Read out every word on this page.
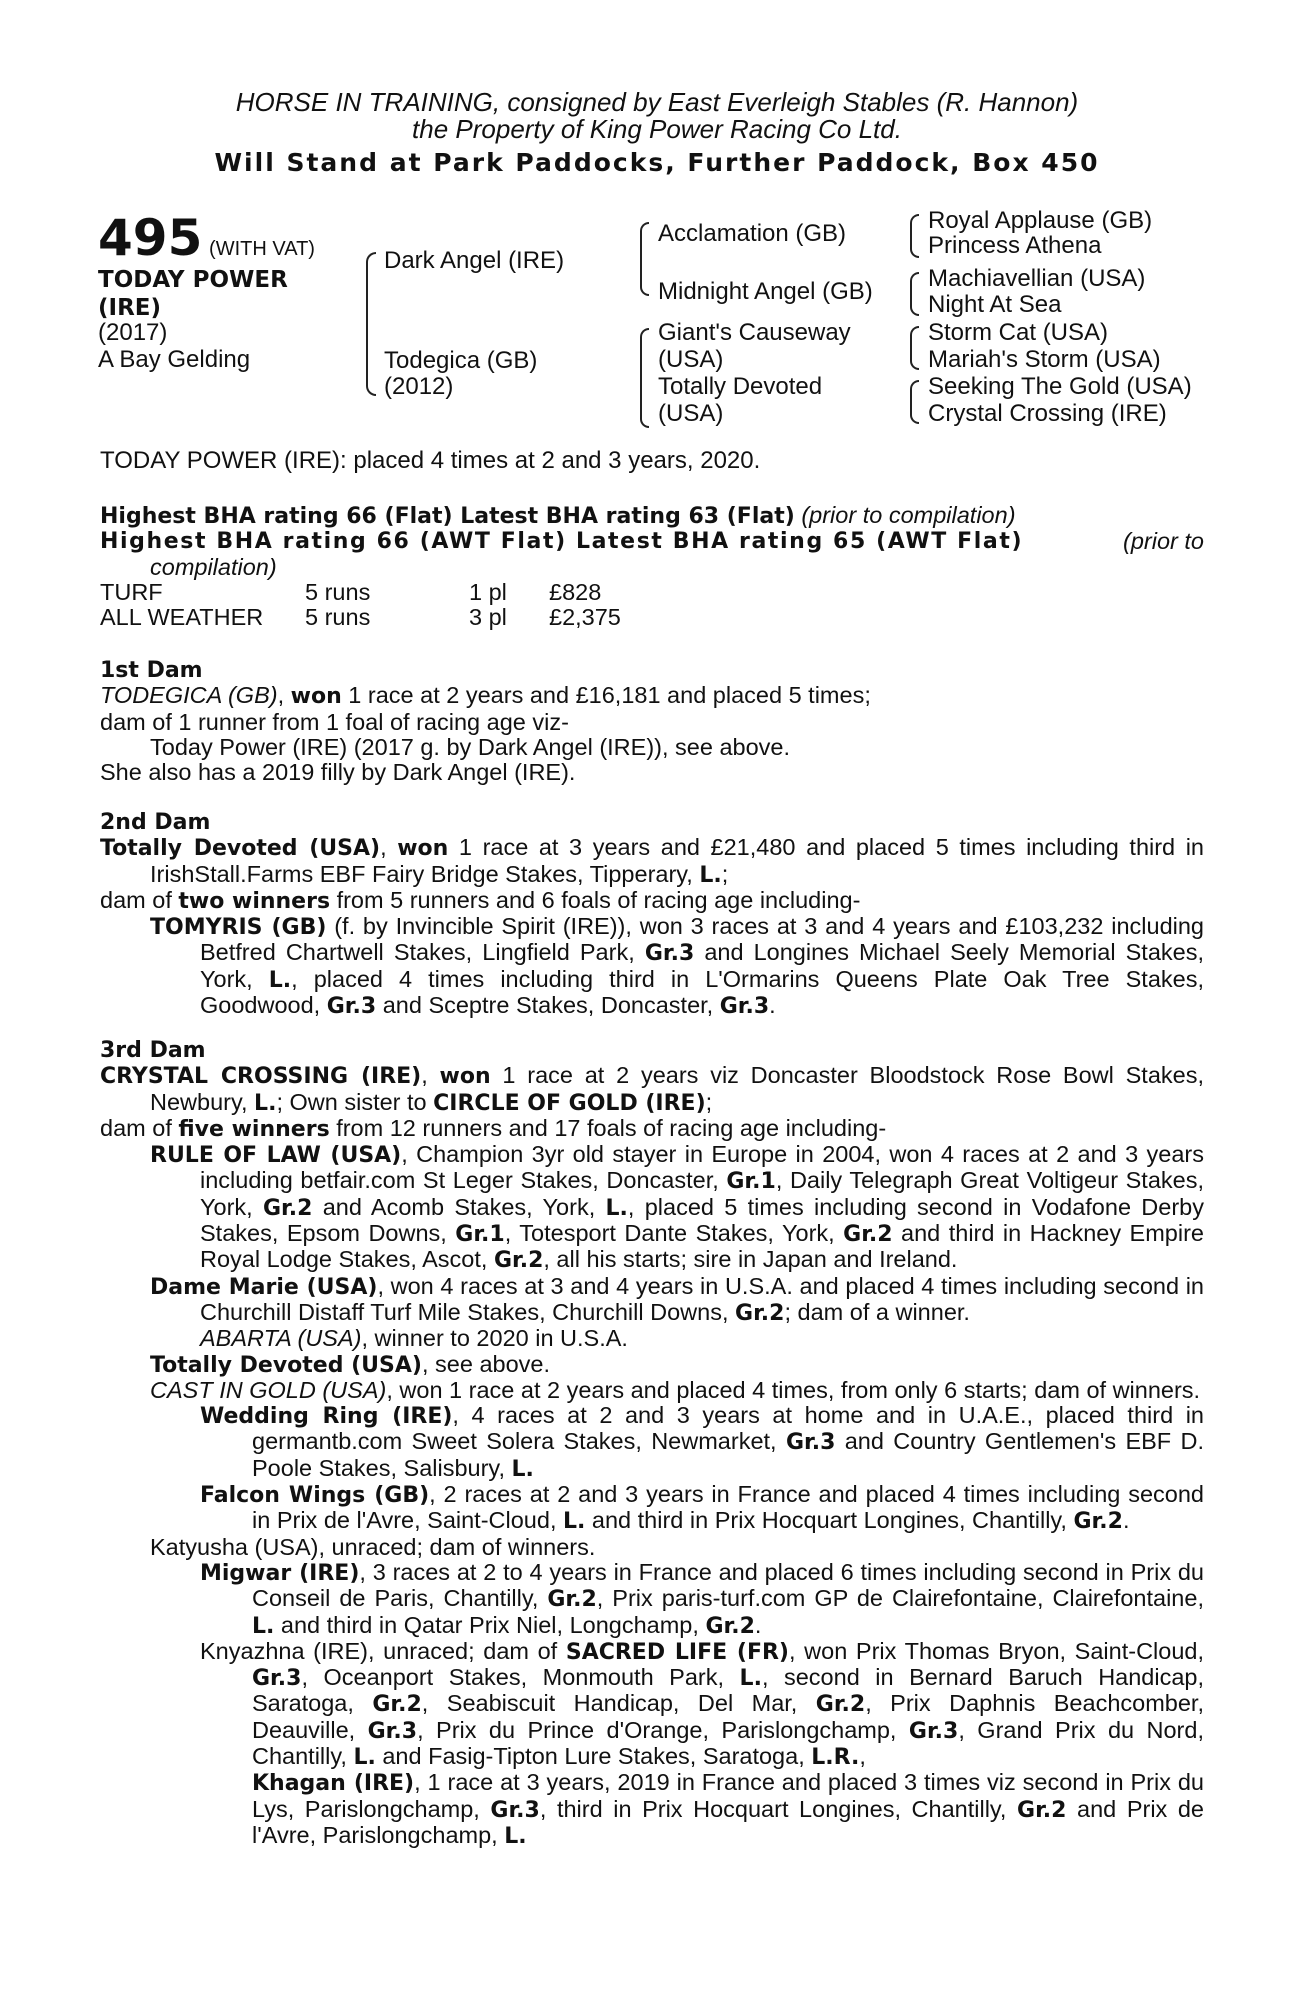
HORSE IN TRAINING, consigned by East Everleigh Stables (R. Hannon)
the Property of King Power Racing Co Ltd.
Will Stand at Park Paddocks, Further Paddock, Box 450
495 (WITH VAT)
TODAY POWER (IRE)
(2017)
A Bay Gelding
Dark Angel (IRE)
Todegica (GB)
(2012)
Acclamation (GB)
Midnight Angel (GB)
Giant's Causeway
(USA)
Totally Devoted
(USA)
Royal Applause (GB)
Princess Athena
Machiavellian (USA)
Night At Sea
Storm Cat (USA)
Mariah's Storm (USA)
Seeking The Gold (USA)
Crystal Crossing (IRE)
TODAY POWER (IRE): placed 4 times at 2 and 3 years, 2020.

Highest BHA rating 66 (Flat) Latest BHA rating 63 (Flat) (prior to compilation)

Highest BHA rating 66 (AWT Flat) Latest BHA rating 65 (AWT Flat)	(prior to

compilation)

TURF	5 runs	1 pl	£828
ALL WEATHER	5 runs	3 pl	£2,375

1st Dam

TODEGICA (GB), won 1 race at 2 years and £16,181 and placed 5 times;

dam of 1 runner from 1 foal of racing age viz-

Today Power (IRE) (2017 g. by Dark Angel (IRE)), see above.

She also has a 2019 filly by Dark Angel (IRE).

2nd Dam

Totally Devoted (USA), won 1 race at 3 years and £21,480 and placed 5 times including third in IrishStall.Farms EBF Fairy Bridge Stakes, Tipperary, L.;

dam of two winners from 5 runners and 6 foals of racing age including-

TOMYRIS (GB) (f. by Invincible Spirit (IRE)), won 3 races at 3 and 4 years and £103,232 including Betfred Chartwell Stakes, Lingfield Park, Gr.3 and Longines Michael Seely Memorial Stakes, York, L., placed 4 times including third in L'Ormarins Queens Plate Oak Tree Stakes, Goodwood, Gr.3 and Sceptre Stakes, Doncaster, Gr.3.

3rd Dam

CRYSTAL CROSSING (IRE), won 1 race at 2 years viz Doncaster Bloodstock Rose Bowl Stakes, Newbury, L.; Own sister to CIRCLE OF GOLD (IRE);

dam of five winners from 12 runners and 17 foals of racing age including-

RULE OF LAW (USA), Champion 3yr old stayer in Europe in 2004, won 4 races at 2 and 3 years including betfair.com St Leger Stakes, Doncaster, Gr.1, Daily Telegraph Great Voltigeur Stakes, York, Gr.2 and Acomb Stakes, York, L., placed 5 times including second in Vodafone Derby Stakes, Epsom Downs, Gr.1, Totesport Dante Stakes, York, Gr.2 and third in Hackney Empire Royal Lodge Stakes, Ascot, Gr.2, all his starts; sire in Japan and Ireland.

Dame Marie (USA), won 4 races at 3 and 4 years in U.S.A. and placed 4 times including second in Churchill Distaff Turf Mile Stakes, Churchill Downs, Gr.2; dam of a winner.

ABARTA (USA), winner to 2020 in U.S.A.

Totally Devoted (USA), see above.

CAST IN GOLD (USA), won 1 race at 2 years and placed 4 times, from only 6 starts; dam of winners.

Wedding Ring (IRE), 4 races at 2 and 3 years at home and in U.A.E., placed third in germantb.com Sweet Solera Stakes, Newmarket, Gr.3 and Country Gentlemen's EBF D. Poole Stakes, Salisbury, L.

Falcon Wings (GB), 2 races at 2 and 3 years in France and placed 4 times including second in Prix de l'Avre, Saint-Cloud, L. and third in Prix Hocquart Longines, Chantilly, Gr.2.

Katyusha (USA), unraced; dam of winners.

Migwar (IRE), 3 races at 2 to 4 years in France and placed 6 times including second in Prix du Conseil de Paris, Chantilly, Gr.2, Prix paris-turf.com GP de Clairefontaine, Clairefontaine, L. and third in Qatar Prix Niel, Longchamp, Gr.2.

Knyazhna (IRE), unraced; dam of SACRED LIFE (FR), won Prix Thomas Bryon, Saint-Cloud, Gr.3, Oceanport Stakes, Monmouth Park, L., second in Bernard Baruch Handicap, Saratoga, Gr.2, Seabiscuit Handicap, Del Mar, Gr.2, Prix Daphnis Beachcomber, Deauville, Gr.3, Prix du Prince d'Orange, Parislongchamp, Gr.3, Grand Prix du Nord, Chantilly, L. and Fasig-Tipton Lure Stakes, Saratoga, L.R.,

Khagan (IRE), 1 race at 3 years, 2019 in France and placed 3 times viz second in Prix du Lys, Parislongchamp, Gr.3, third in Prix Hocquart Longines, Chantilly, Gr.2 and Prix de l'Avre, Parislongchamp, L.
